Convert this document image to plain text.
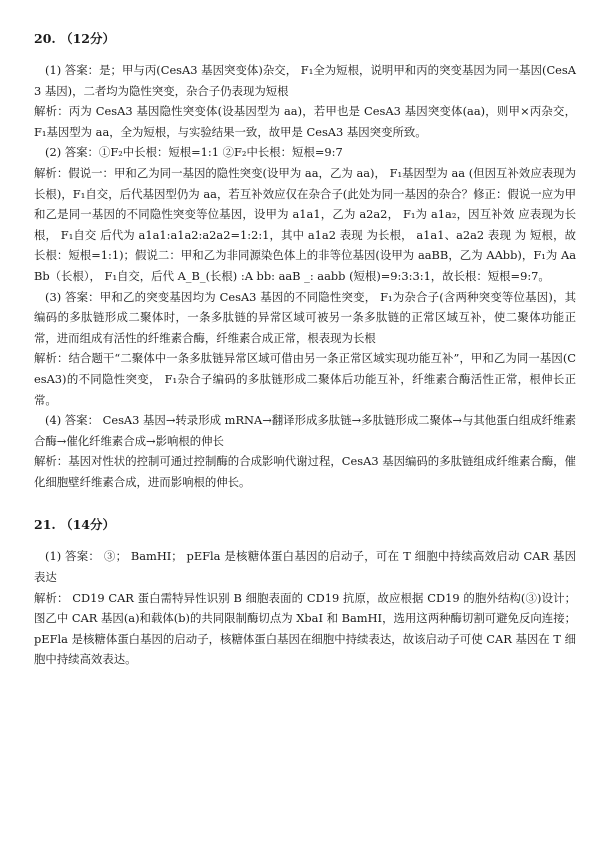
20. （12分）

(1) 答案：是；甲与丙(CesA3 基因突变体)杂交， F₁全为短根，说明甲和丙的突变基因为同一基因(CesA3 基因)，二者均为隐性突变，杂合子仍表现为短根

解析：丙为 CesA3 基因隐性突变体(设基因型为 aa)，若甲也是 CesA3 基因突变体(aa)，则甲×丙杂交， F₁基因型为 aa，全为短根，与实验结果一致，故甲是 CesA3 基因突变所致。

(2) 答案：①F₂中长根：短根=1:1 ②F₂中长根：短根=9:7

解析：假说一：甲和乙为同一基因的隐性突变(设甲为 aa，乙为 aa)， F₁基因型为 aa (但因互补效应表现为长根)，F₁自交，后代基因型仍为 aa，若互补效应仅在杂合子(此处为同一基因的杂合？修正：假说一应为甲和乙是同一基因的不同隐性突变等位基因，设甲为 a1a1，乙为 a2a2， F₁为 a1a₂，因互补效 应表现为长根， F₁自交 后代为 a1a1:a1a2:a2a2=1:2:1，其中 a1a2 表现 为长根， a1a1、a2a2 表现 为 短根，故长根：短根=1:1)；假说二：甲和乙为非同源染色体上的非等位基因(设甲为 aaBB，乙为 AAbb)，F₁为 AaBb（长根）， F₁自交，后代 A_B_(长根) :A bb: aaB _: aabb (短根)=9:3:3:1，故长根：短根=9:7。

(3) 答案：甲和乙的突变基因均为 CesA3 基因的不同隐性突变， F₁为杂合子(含两种突变等位基因)，其编码的多肽链形成二聚体时，一条多肽链的异常区域可被另一条多肽链的正常区域互补，使二聚体功能正常，进而组成有活性的纤维素合酶，纤维素合成正常，根表现为长根

解析：结合题干“二聚体中一条多肽链异常区域可借由另一条正常区域实现功能互补”，甲和乙为同一基因(CesA3)的不同隐性突变， F₁杂合子编码的多肽链形成二聚体后功能互补，纤维素合酶活性正常，根伸长正常。

(4) 答案： CesA3 基因→转录形成 mRNA→翻译形成多肽链→多肽链形成二聚体→与其他蛋白组成纤维素合酶→催化纤维素合成→影响根的伸长

解析：基因对性状的控制可通过控制酶的合成影响代谢过程，CesA3 基因编码的多肽链组成纤维素合酶，催化细胞壁纤维素合成，进而影响根的伸长。

21. （14分）

(1) 答案： ③； BamHI； pEFla 是核糖体蛋白基因的启动子，可在 T 细胞中持续高效启动 CAR 基因表达

解析： CD19 CAR 蛋白需特异性识别 B 细胞表面的 CD19 抗原，故应根据 CD19 的胞外结构(③)设计；图乙中 CAR 基因(a)和载体(b)的共同限制酶切点为 XbaI 和 BamHI，选用这两种酶切割可避免反向连接； pEFla 是核糖体蛋白基因的启动子，核糖体蛋白基因在细胞中持续表达，故该启动子可使 CAR 基因在 T 细胞中持续高效表达。
